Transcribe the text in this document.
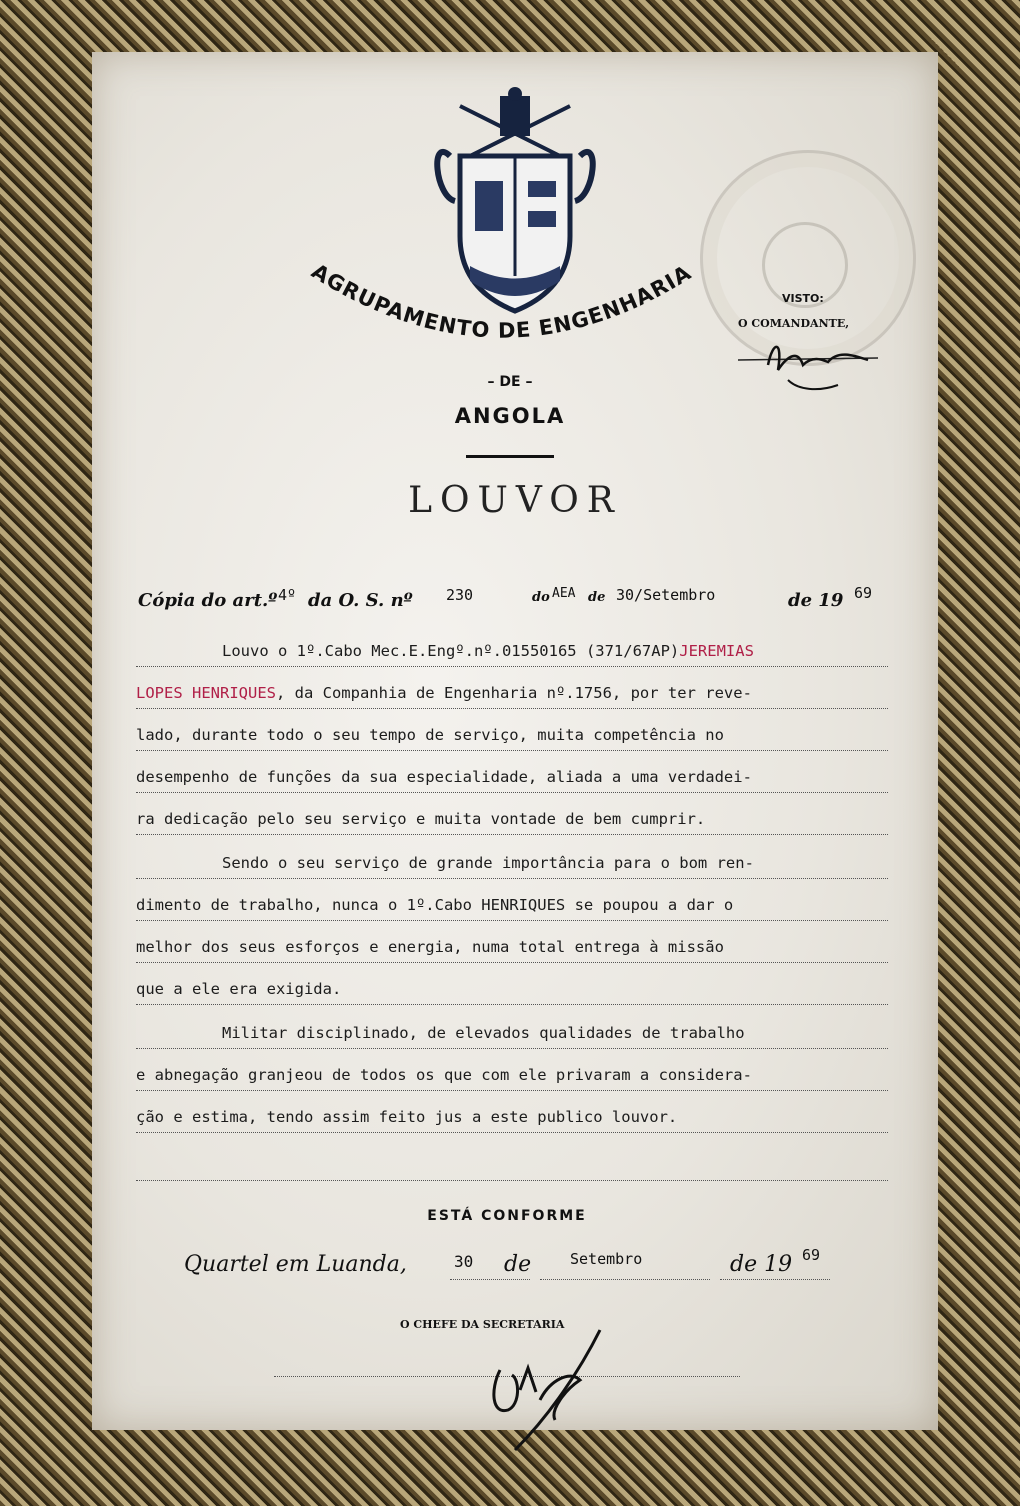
AGRUPAMENTO DE ENGENHARIA
– DE –
ANGOLA
LOUVOR
VISTO:
O COMANDANTE,
Cópia do art.º 4º da O. S. nº 230	do AEA de 30/Setembro	de 19 69
Louvo o 1º.Cabo Mec.E.Engº.nº.01550165 (371/67AP)JEREMIAS
LOPES HENRIQUES, da Companhia de Engenharia nº.1756, por ter reve-
lado, durante todo o seu tempo de serviço, muita competência no
desempenho de funções da sua especialidade, aliada a uma verdadei-
ra dedicação pelo seu serviço e muita vontade de bem cumprir.
Sendo o seu serviço de grande importância para o bom ren-
dimento de trabalho, nunca o 1º.Cabo HENRIQUES se poupou a dar o
melhor dos seus esforços e energia, numa total entrega à missão
que a ele era exigida.
Militar disciplinado, de elevados qualidades de trabalho
e abnegação granjeou de todos os que com ele privaram a considera-
ção e estima, tendo assim feito jus a este publico louvor.
ESTÁ CONFORME
Quartel em Luanda,	30 de	Setembro	de 19 69
O CHEFE DA SECRETARIA
